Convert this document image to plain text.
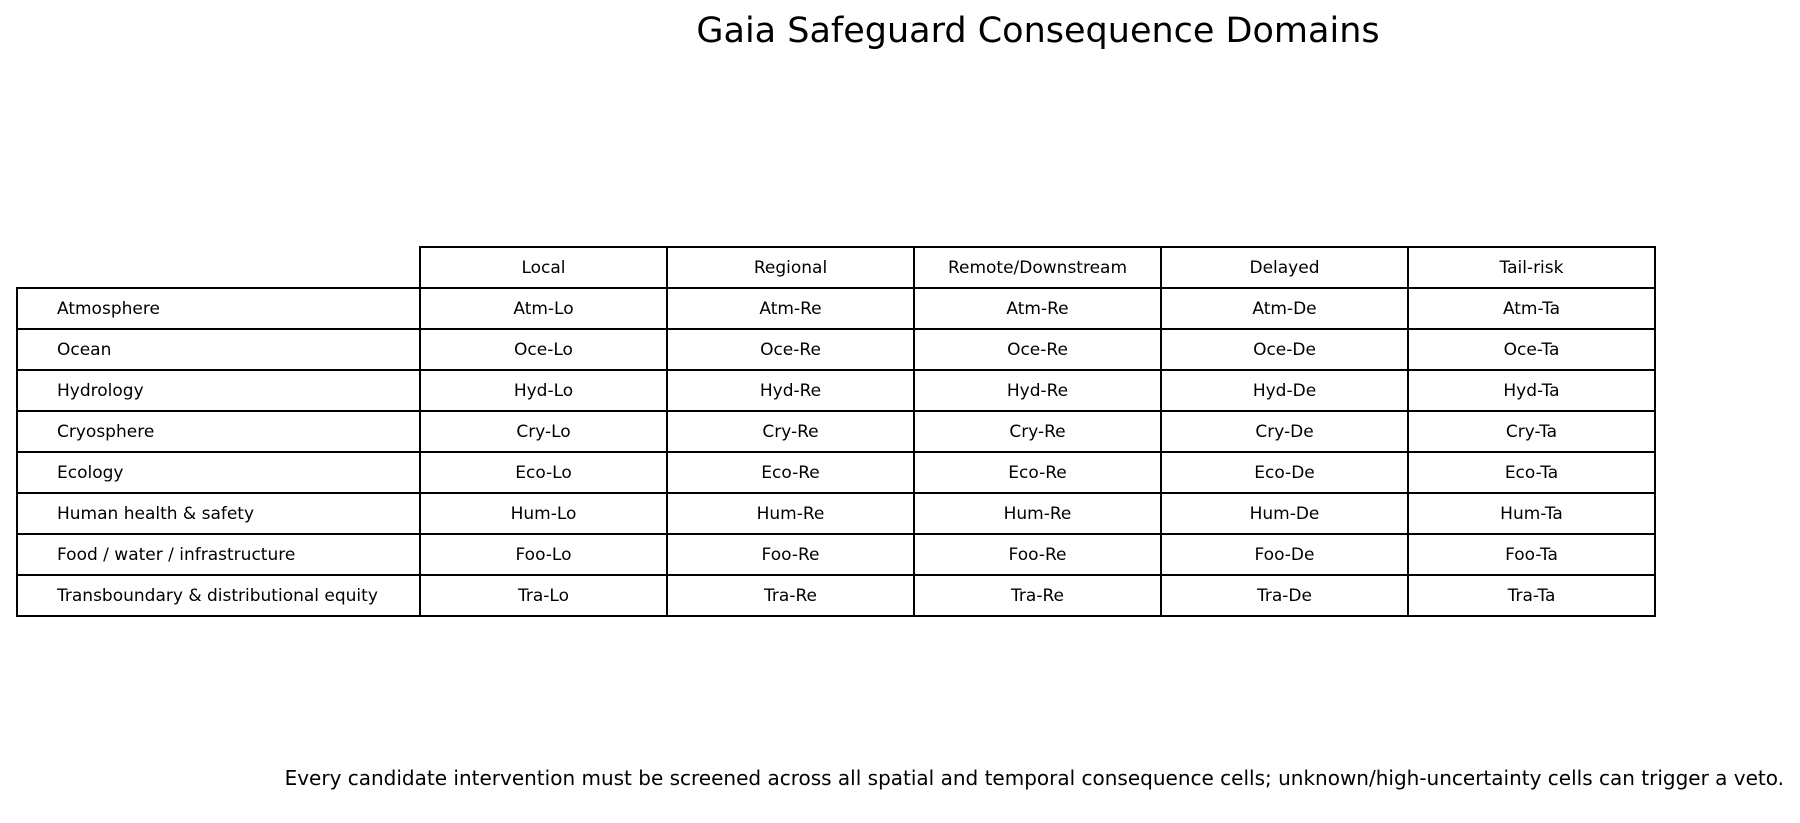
Gaia Safeguard Consequence Domains
	Local	Regional	Remote/Downstream	Delayed	Tail-risk
Atmosphere	Atm-Lo	Atm-Re	Atm-Re	Atm-De	Atm-Ta
Ocean	Oce-Lo	Oce-Re	Oce-Re	Oce-De	Oce-Ta
Hydrology	Hyd-Lo	Hyd-Re	Hyd-Re	Hyd-De	Hyd-Ta
Cryosphere	Cry-Lo	Cry-Re	Cry-Re	Cry-De	Cry-Ta
Ecology	Eco-Lo	Eco-Re	Eco-Re	Eco-De	Eco-Ta
Human health & safety	Hum-Lo	Hum-Re	Hum-Re	Hum-De	Hum-Ta
Food / water / infrastructure	Foo-Lo	Foo-Re	Foo-Re	Foo-De	Foo-Ta
Transboundary & distributional equity	Tra-Lo	Tra-Re	Tra-Re	Tra-De	Tra-Ta
Every candidate intervention must be screened across all spatial and temporal consequence cells; unknown/high-uncertainty cells can trigger a veto.
